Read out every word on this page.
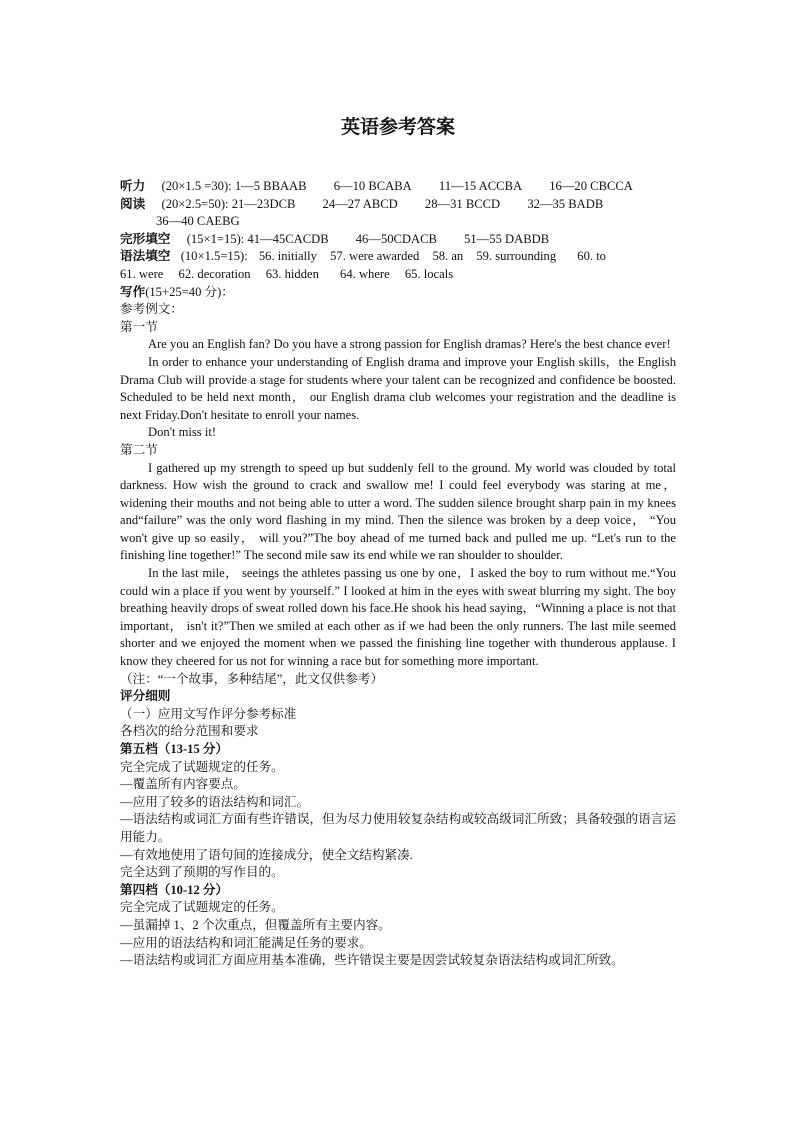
英语参考答案
听力 (20×1.5 =30): 1—5 BBAAB 6—10 BCABA 11—15 ACCBA 16—20 CBCCA
阅读 (20×2.5=50): 21—23DCB 24—27 ABCD 28—31 BCCD 32—35 BADB
36—40 CAEBG
完形填空 (15×1=15): 41—45CACDB 46—50CDACB 51—55 DABDB
语法填空 (10×1.5=15): 56. initially 57. were awarded 58. an 59. surrounding 60. to
61. were 62. decoration 63. hidden 64. where 65. locals
写作(15+25=40 分)：
参考例文：
第一节
Are you an English fan? Do you have a strong passion for English dramas? Here's the best chance ever!
In order to enhance your understanding of English drama and improve your English skills，the English Drama Club will provide a stage for students where your talent can be recognized and confidence be boosted. Scheduled to be held next month， our English drama club welcomes your registration and the deadline is next Friday.Don't hesitate to enroll your names.
Don't miss it!
第二节
I gathered up my strength to speed up but suddenly fell to the ground. My world was clouded by total darkness. How wish the ground to crack and swallow me! I could feel everybody was staring at me， widening their mouths and not being able to utter a word. The sudden silence brought sharp pain in my knees and“failure” was the only word flashing in my mind. Then the silence was broken by a deep voice， “You won't give up so easily， will you?”The boy ahead of me turned back and pulled me up. “Let's run to the finishing line together!” The second mile saw its end while we ran shoulder to shoulder.
In the last mile， seeings the athletes passing us one by one，I asked the boy to rum without me.“You could win a place if you went by yourself.” I looked at him in the eyes with sweat blurring my sight. The boy breathing heavily drops of sweat rolled down his face.He shook his head saying，“Winning a place is not that important， isn't it?”Then we smiled at each other as if we had been the only runners. The last mile seemed shorter and we enjoyed the moment when we passed the finishing line together with thunderous applause. I know they cheered for us not for winning a race but for something more important.
（注：“一个故事，多种结尾”，此文仅供参考）
评分细则
（一）应用文写作评分参考标准
各档次的给分范围和要求
第五档（13-15 分）
完全完成了试题规定的任务。
—覆盖所有内容要点。
—应用了较多的语法结构和词汇。
—语法结构或词汇方面有些许错误，但为尽力使用较复杂结构或较高级词汇所致；具备较强的语言运用能力。
—有效地使用了语句间的连接成分，使全文结构紧凑.
完全达到了预期的写作目的。
第四档（10-12 分）
完全完成了试题规定的任务。
—虽漏掉 1、2 个次重点，但覆盖所有主要内容。
—应用的语法结构和词汇能满足任务的要求。
—语法结构或词汇方面应用基本准确，些许错误主要是因尝试较复杂语法结构或词汇所致。
